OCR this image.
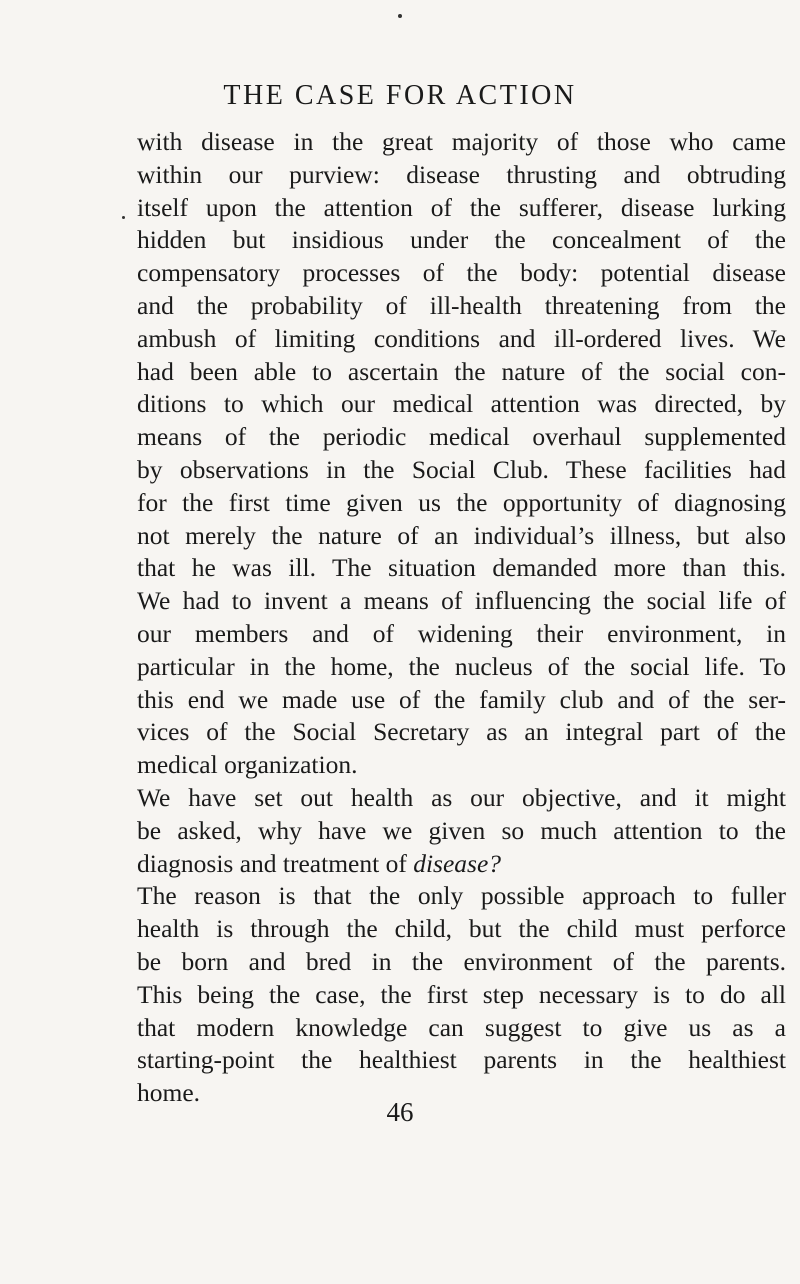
THE CASE FOR ACTION
with disease in the great majority of those who came
within our purview: disease thrusting and obtruding
itself upon the attention of the sufferer, disease lurking
hidden but insidious under the concealment of the
compensatory processes of the body: potential disease
and the probability of ill-health threatening from the
ambush of limiting conditions and ill-ordered lives. We
had been able to ascertain the nature of the social con-
ditions to which our medical attention was directed, by
means of the periodic medical overhaul supplemented
by observations in the Social Club. These facilities had
for the first time given us the opportunity of diagnosing
not merely the nature of an individual’s illness, but also
that he was ill. The situation demanded more than this.
We had to invent a means of influencing the social life of
our members and of widening their environment, in
particular in the home, the nucleus of the social life. To
this end we made use of the family club and of the ser-
vices of the Social Secretary as an integral part of the
medical organization.
We have set out health as our objective, and it might
be asked, why have we given so much attention to the
diagnosis and treatment of disease?
The reason is that the only possible approach to fuller
health is through the child, but the child must perforce
be born and bred in the environment of the parents.
This being the case, the first step necessary is to do all
that modern knowledge can suggest to give us as a
starting-point the healthiest parents in the healthiest
home.
46
